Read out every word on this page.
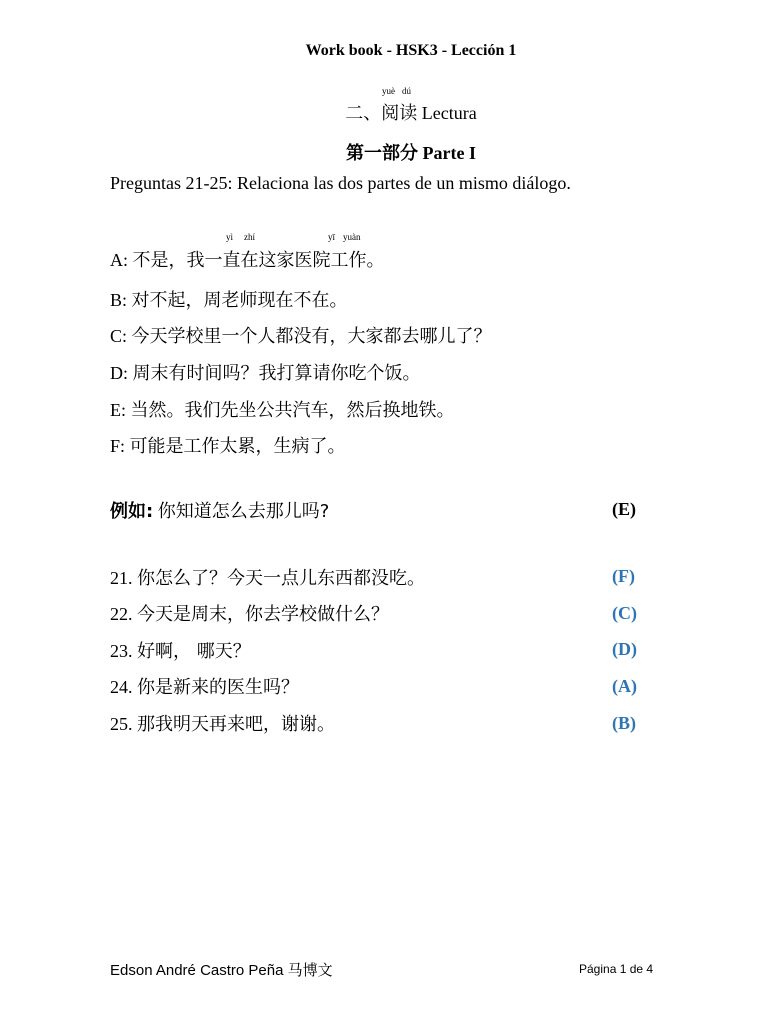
Work book - HSK3 - Lección 1
yuè dú
二、阅读 Lectura
第一部分 Parte I
Preguntas 21-25: Relaciona las dos partes de un mismo diálogo.
yì zhí	yī yuàn
A: 不是，我一直在这家医院工作。
B: 对不起，周老师现在不在。
C: 今天学校里一个人都没有，大家都去哪儿了？
D: 周末有时间吗？我打算请你吃个饭。
E: 当然。我们先坐公共汽车，然后换地铁。
F: 可能是工作太累，生病了。
例如: 你知道怎么去那儿吗?	(E)
21. 你怎么了？今天一点儿东西都没吃。	(F)
22. 今天是周末，你去学校做什么？	(C)
23. 好啊， 哪天？	(D)
24. 你是新来的医生吗？	(A)
25. 那我明天再来吧，谢谢。	(B)
Edson André Castro Peña 马博文	Página 1 de 4
